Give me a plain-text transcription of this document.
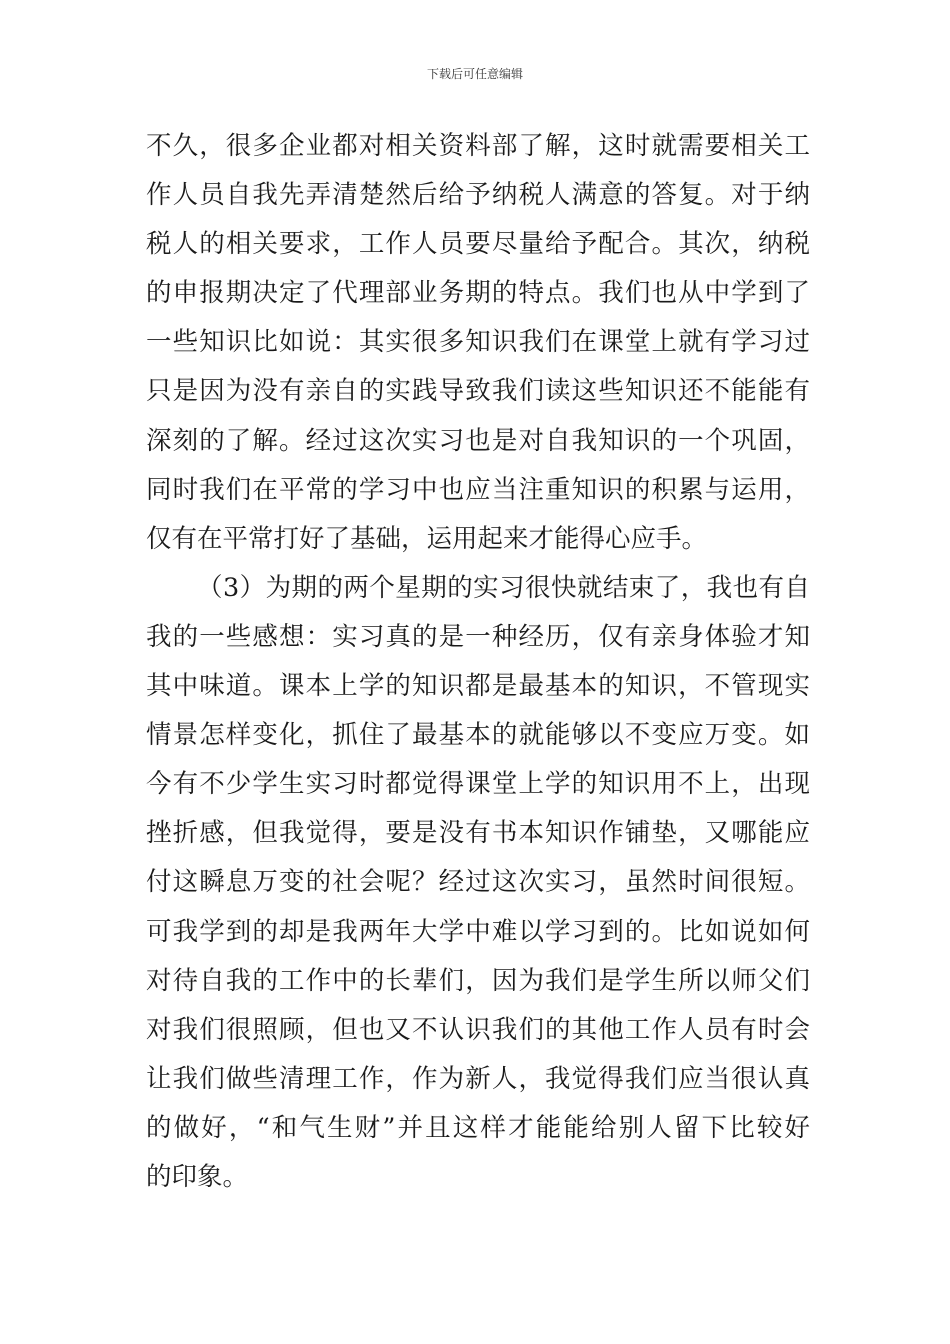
下载后可任意编辑
不久，很多企业都对相关资料部了解，这时就需要相关工
作人员自我先弄清楚然后给予纳税人满意的答复。对于纳
税人的相关要求，工作人员要尽量给予配合。其次，纳税
的申报期决定了代理部业务期的特点。我们也从中学到了
一些知识比如说：其实很多知识我们在课堂上就有学习过
只是因为没有亲自的实践导致我们读这些知识还不能能有
深刻的了解。经过这次实习也是对自我知识的一个巩固，
同时我们在平常的学习中也应当注重知识的积累与运用，
仅有在平常打好了基础，运用起来才能得心应手。
（3）为期的两个星期的实习很快就结束了，我也有自
我的一些感想：实习真的是一种经历，仅有亲身体验才知
其中味道。课本上学的知识都是最基本的知识，不管现实
情景怎样变化，抓住了最基本的就能够以不变应万变。如
今有不少学生实习时都觉得课堂上学的知识用不上，出现
挫折感，但我觉得，要是没有书本知识作铺垫，又哪能应
付这瞬息万变的社会呢？经过这次实习，虽然时间很短。
可我学到的却是我两年大学中难以学习到的。比如说如何
对待自我的工作中的长辈们，因为我们是学生所以师父们
对我们很照顾，但也又不认识我们的其他工作人员有时会
让我们做些清理工作，作为新人，我觉得我们应当很认真
的做好，“和气生财”并且这样才能能给别人留下比较好
的印象。
